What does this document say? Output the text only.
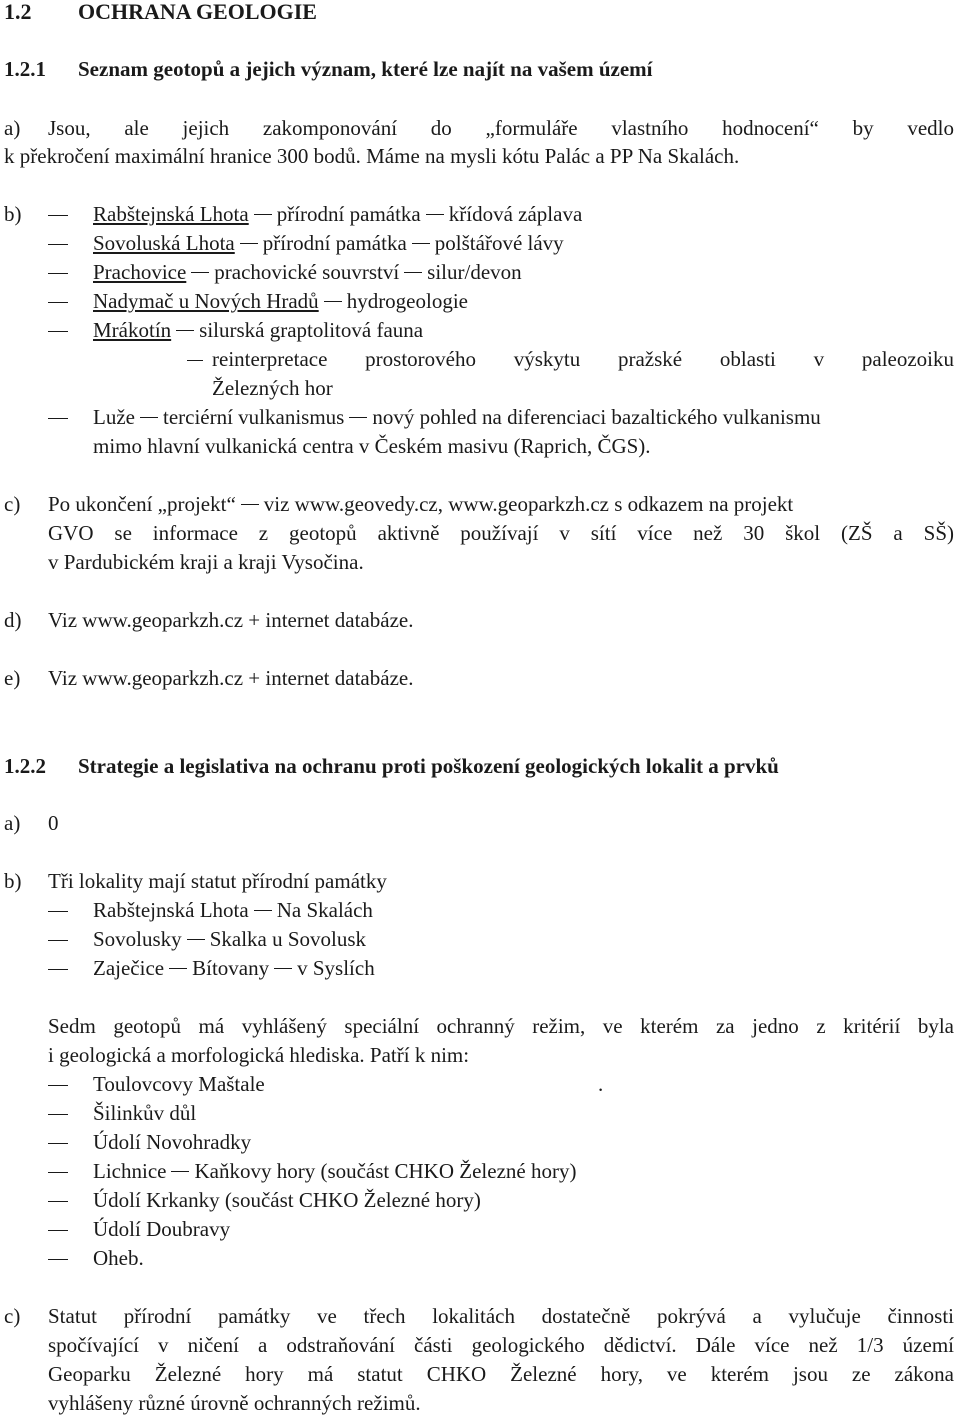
1.2 OCHRANA GEOLOGIE
1.2.1 Seznam geotopů a jejich význam, které lze najít na vašem území
a) Jsou, ale jejich zakomponování do „formuláře vlastního hodnocení“ by vedlo
k překročení maximální hranice 300 bodů. Máme na mysli kótu Palác a PP Na Skalách.
b)	Rabštejnská Lhota přírodní památka křídová záplava
Sovoluská Lhota přírodní památka polštářové lávy
Prachovice prachovické souvrství silur/devon
Nadymač u Nových Hradů hydrogeologie
Mrákotín silurská graptolitová fauna
reinterpretace prostorového výskytu pražské oblasti v paleozoiku
Železných hor
Luže terciérní vulkanismus nový pohled na diferenciaci bazaltického vulkanismu
mimo hlavní vulkanická centra v Českém masivu (Raprich, ČGS).
c) Po ukončení „projekt“ viz www.geovedy.cz, www.geoparkzh.cz s odkazem na projekt
GVO se informace z geotopů aktivně používají v sítí více než 30 škol (ZŠ a SŠ)
v Pardubickém kraji a kraji Vysočina.
d) Viz www.geoparkzh.cz + internet databáze.
e) Viz www.geoparkzh.cz + internet databáze.
1.2.2 Strategie a legislativa na ochranu proti poškození geologických lokalit a prvků
a) 0
b) Tři lokality mají statut přírodní památky
Rabštejnská Lhota Na Skalách
Sovolusky Skalka u Sovolusk
Zaječice Bítovany v Syslích
Sedm geotopů má vyhlášený speciální ochranný režim, ve kterém za jedno z kritérií byla
i geologická a morfologická hlediska. Patří k nim:
Toulovcovy Maštale	.
Šilinkův důl
Údolí Novohradky
Lichnice Kaňkovy hory (součást CHKO Železné hory)
Údolí Krkanky (součást CHKO Železné hory)
Údolí Doubravy
Oheb.
c) Statut přírodní památky ve třech lokalitách dostatečně pokrývá a vylučuje činnosti
spočívající v ničení a odstraňování části geologického dědictví. Dále více než 1/3 území
Geoparku Železné hory má statut CHKO Železné hory, ve kterém jsou ze zákona
vyhlášeny různé úrovně ochranných režimů.
